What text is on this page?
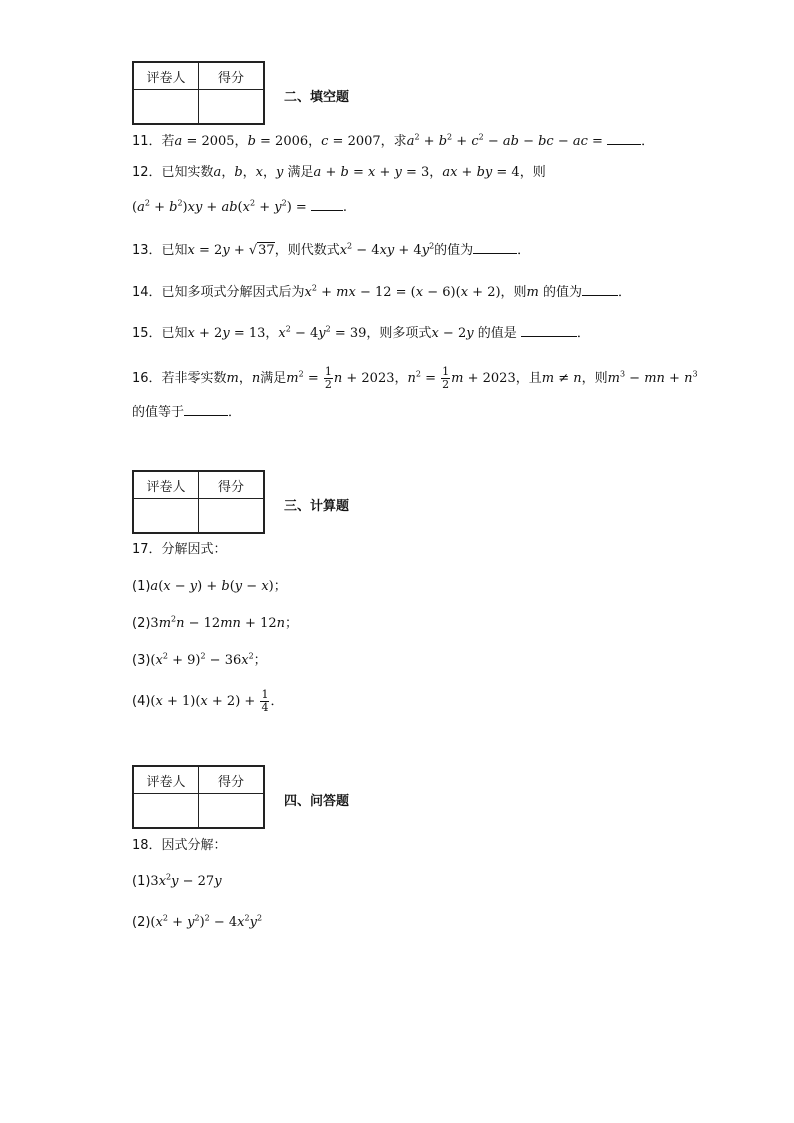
评卷人	得分

二、填空题
11．若a = 2005，b = 2006，c = 2007，求$a^2 + b^2 + c^2$ − ab − bc − ac =	．
12．已知实数a，b，x，y 满足a + b = x + y = 3，ax + by = 4，则
$(a^2 + b^2)xy + ab(x^2 + y^2)$ = .
13．已知x = 2y + √37，则代数式$x^2 - 4xy + 4y^2$的值为	．
14．已知多项式分解因式后为$x^2$ + mx − 12 = (x − 6)(x + 2)，则m 的值为	．
15．已知x + 2y = 13，$x^2 - 4y^2 = 39$，则多项式x − 2y 的值是	．
16．若非零实数m，n满足$m^2 = \frac{1}{2}$ n + 2023，$n^2 = \frac{1}{2}$ m + 2023，且m ≠ n，则$m^3$ − mn + $n^3$
的值等于	．
评卷人	得分

三、计算题
17．分解因式：
(1)a(x − y) + b(y − x)；
$(2)3m^2n - 12mn + 12n$；
$(3)(x^2 + 9)^2 - 36x^2$；
$(4)(x + 1)(x + 2) + \frac{1}{4}$ ．
评卷人	得分

四、问答题
18．因式分解：
$(1)3x^2y - 27y$
$(2)(x^2 + y^2)^2 - 4x^2y^2$
